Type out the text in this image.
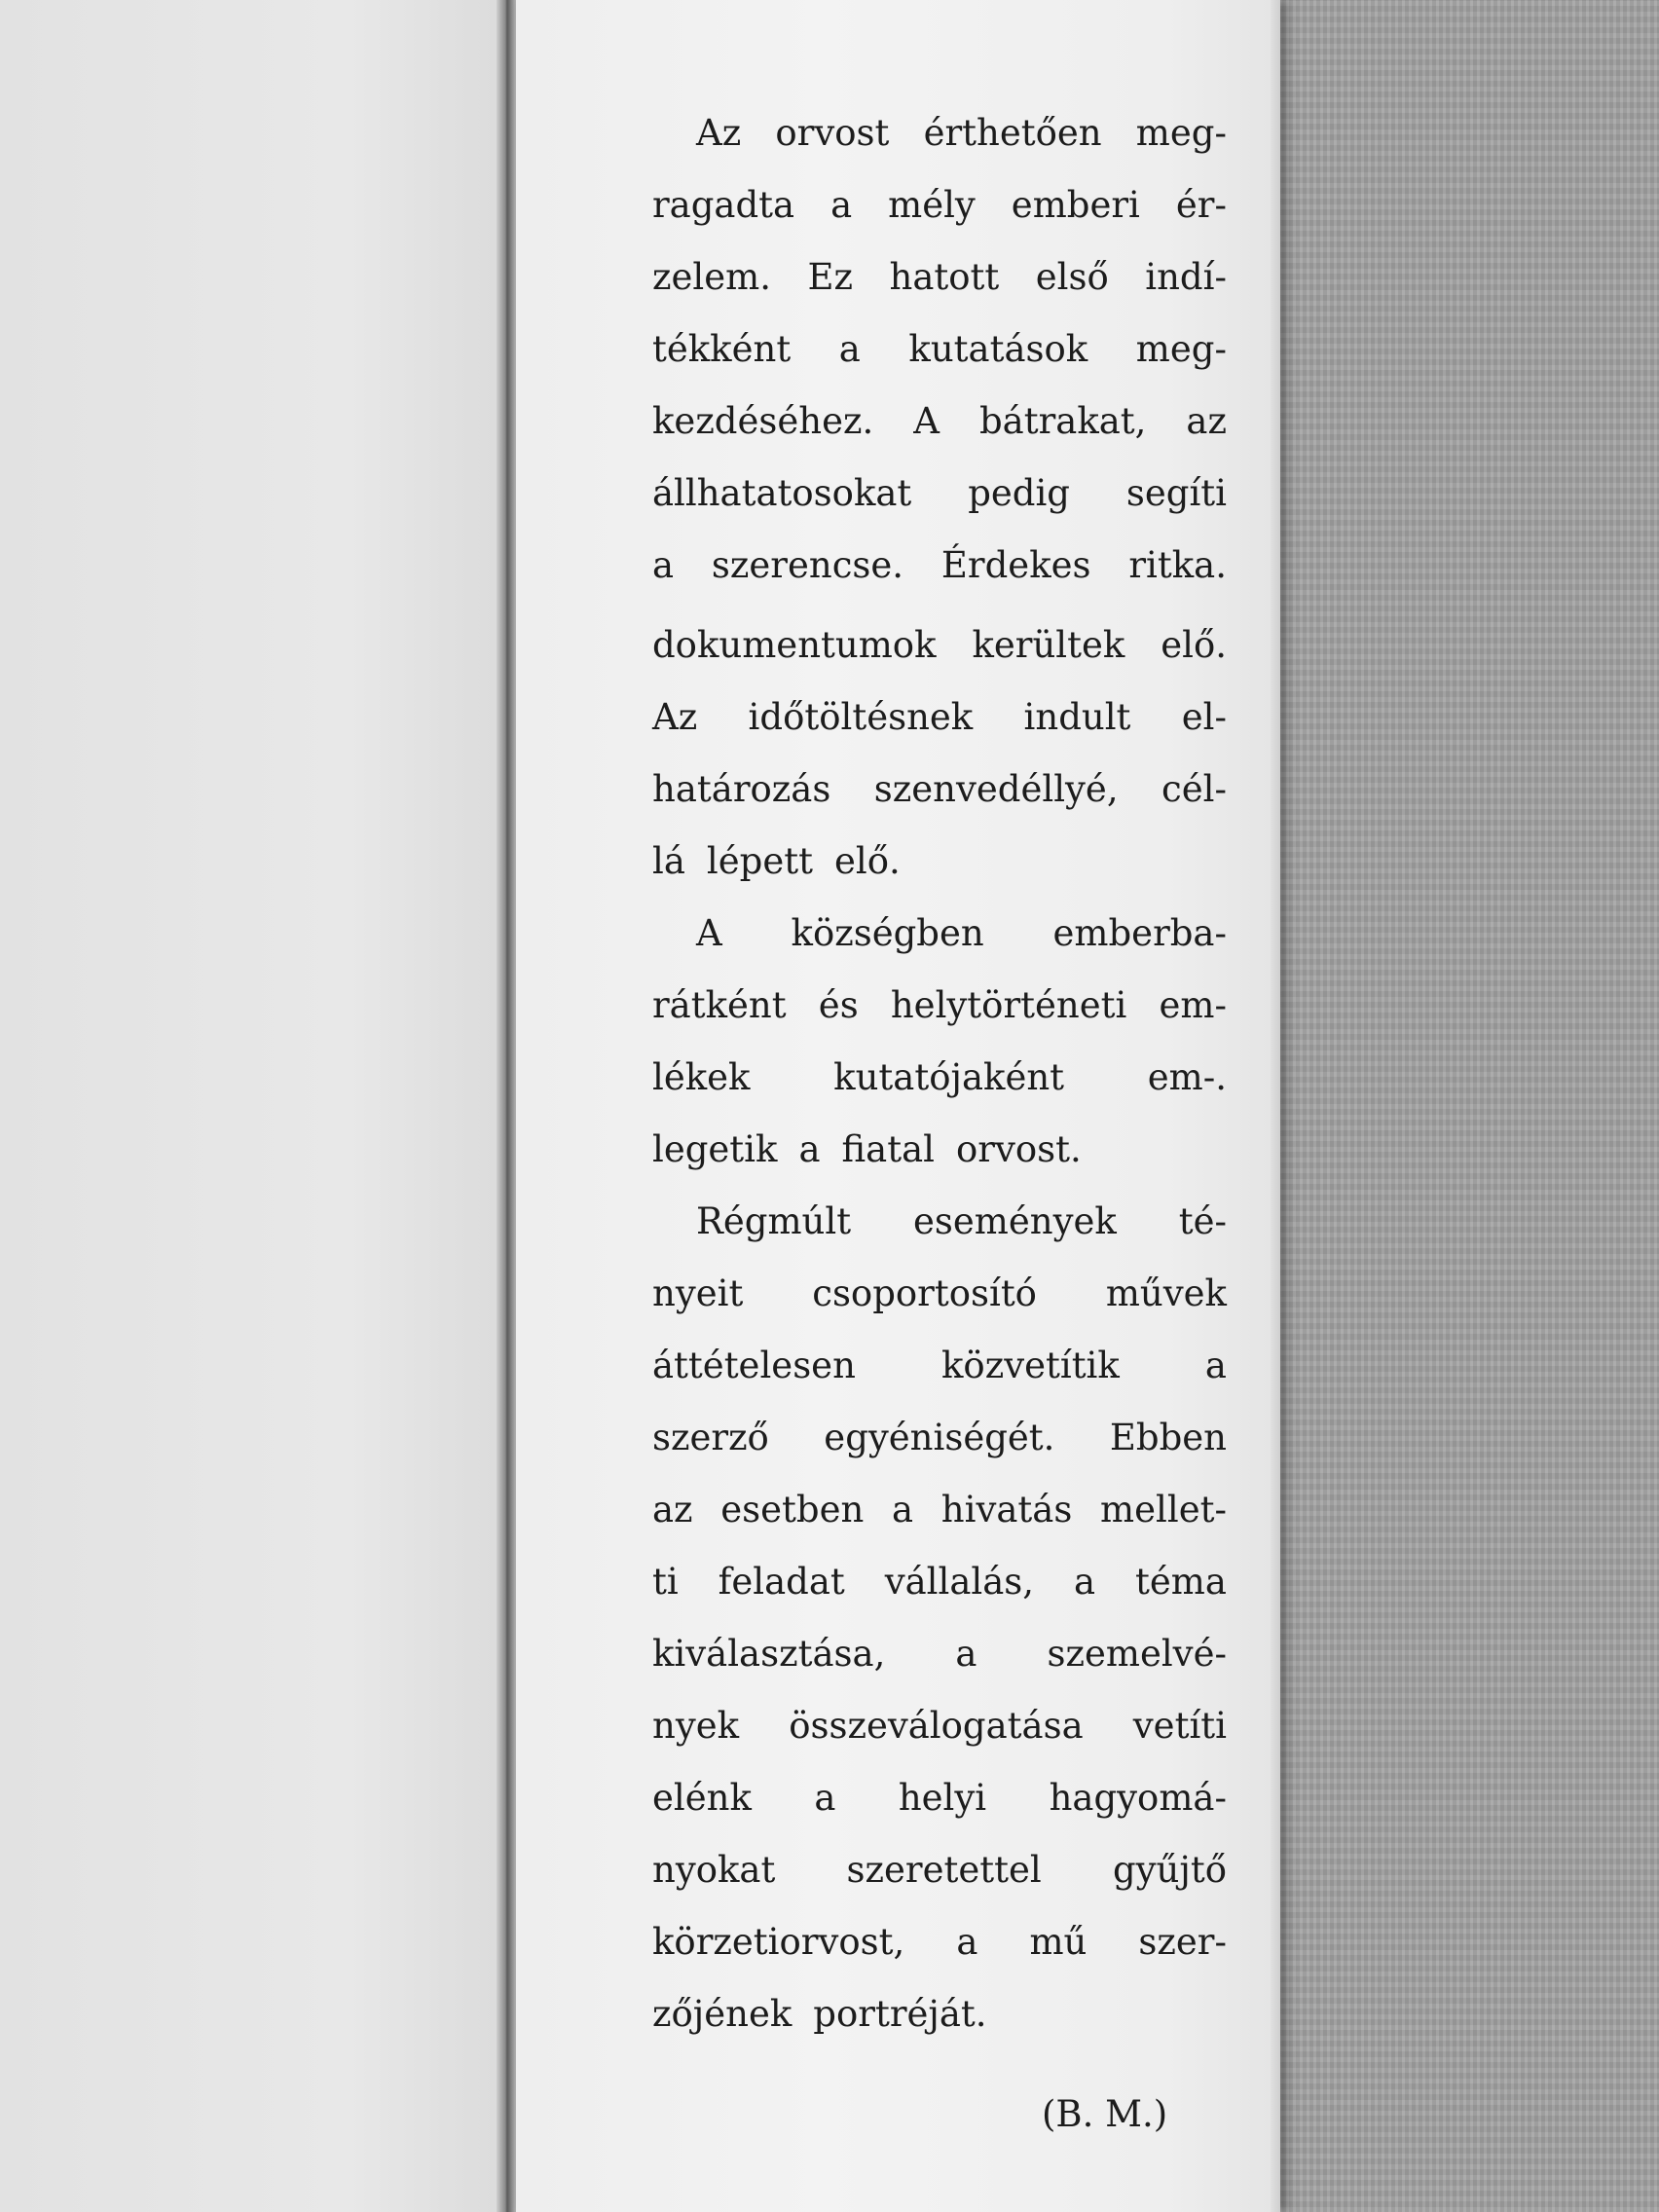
Az orvost érthetően meg-
ragadta a mély emberi ér-
zelem. Ez hatott első indí-
tékként a kutatások meg-
kezdéséhez. A bátrakat, az
állhatatosokat pedig segíti
a szerencse. Érdekes ritka.
dokumentumok kerültek elő.
Az időtöltésnek indult el-
határozás szenvedéllyé, cél-
lá lépett elő.
A községben emberba-
rátként és helytörténeti em-
lékek kutatójaként em-.
legetik a fiatal orvost.
Régmúlt események té-
nyeit csoportosító művek
áttételesen közvetítik a
szerző egyéniségét. Ebben
az esetben a hivatás mellet-
ti feladat vállalás, a téma
kiválasztása, a szemelvé-
nyek összeválogatása vetíti
elénk a helyi hagyomá-
nyokat szeretettel gyűjtő
körzetiorvost, a mű szer-
zőjének portréját.
(B. M.)
